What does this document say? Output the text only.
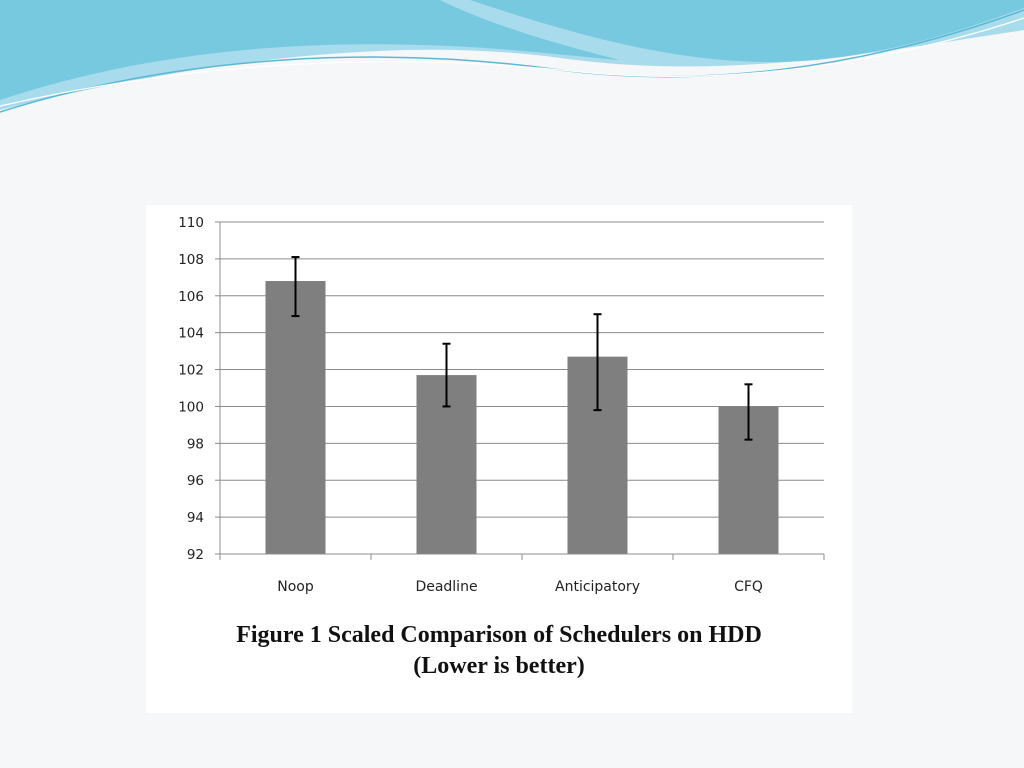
92
94
96
98
100
102
104
106
108
110
Noop	Deadline	Anticipatory	CFQ
Figure 1 Scaled Comparison of Schedulers on HDD
(Lower is better)
